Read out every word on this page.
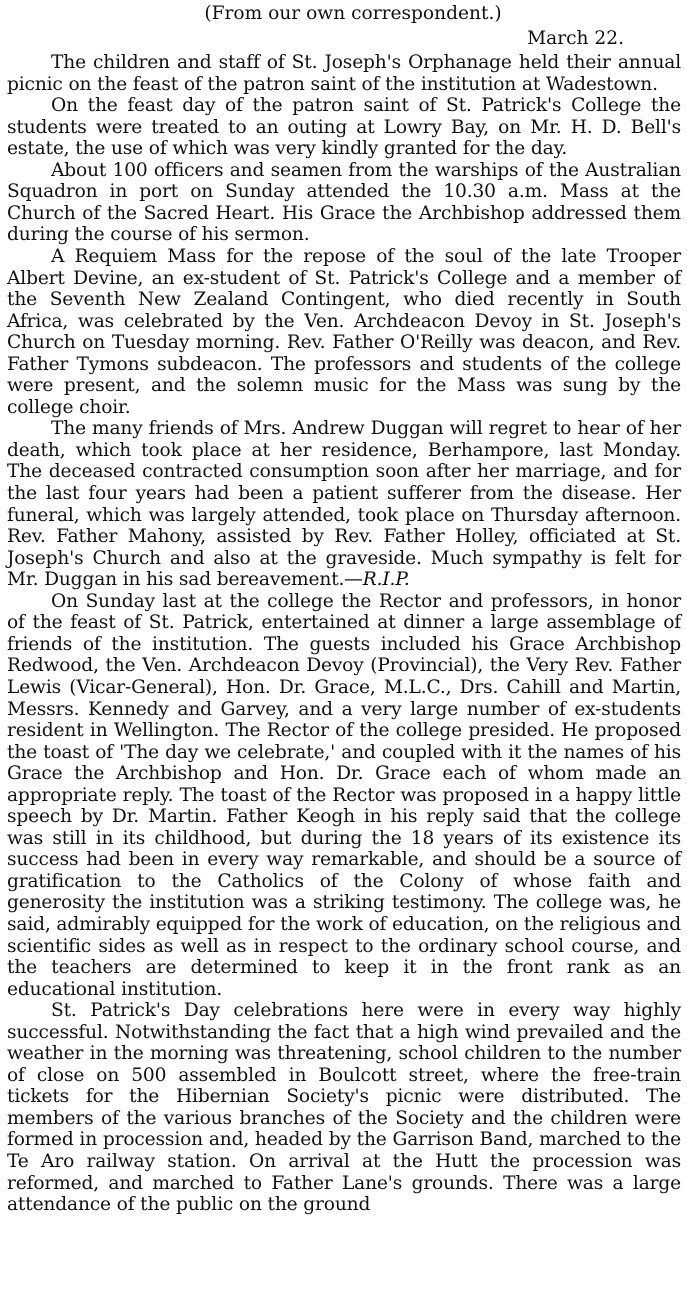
(From our own correspondent.)

March 22.

The children and staff of St. Joseph's Orphanage held their annual picnic on the feast of the patron saint of the institution at Wadestown.

On the feast day of the patron saint of St. Patrick's College the students were treated to an outing at Lowry Bay, on Mr. H. D. Bell's estate, the use of which was very kindly granted for the day.

About 100 officers and seamen from the warships of the Australian Squadron in port on Sunday attended the 10.30 a.m. Mass at the Church of the Sacred Heart. His Grace the Archbishop addressed them during the course of his sermon.

A Requiem Mass for the repose of the soul of the late Trooper Albert Devine, an ex-student of St. Patrick's College and a member of the Seventh New Zealand Contingent, who died recently in South Africa, was celebrated by the Ven. Archdeacon Devoy in St. Joseph's Church on Tuesday morning. Rev. Father O'Reilly was deacon, and Rev. Father Tymons subdeacon. The professors and students of the college were present, and the solemn music for the Mass was sung by the college choir.

The many friends of Mrs. Andrew Duggan will regret to hear of her death, which took place at her residence, Berhampore, last Monday. The deceased contracted consumption soon after her marriage, and for the last four years had been a patient sufferer from the disease. Her funeral, which was largely attended, took place on Thursday afternoon. Rev. Father Mahony, assisted by Rev. Father Holley, officiated at St. Joseph's Church and also at the graveside. Much sympathy is felt for Mr. Duggan in his sad bereavement.—R.I.P.

On Sunday last at the college the Rector and professors, in honor of the feast of St. Patrick, entertained at dinner a large assemblage of friends of the institution. The guests included his Grace Archbishop Redwood, the Ven. Archdeacon Devoy (Provincial), the Very Rev. Father Lewis (Vicar-General), Hon. Dr. Grace, M.L.C., Drs. Cahill and Martin, Messrs. Kennedy and Garvey, and a very large number of ex-students resident in Wellington. The Rector of the college presided. He proposed the toast of 'The day we celebrate,' and coupled with it the names of his Grace the Archbishop and Hon. Dr. Grace each of whom made an appropriate reply. The toast of the Rector was proposed in a happy little speech by Dr. Martin. Father Keogh in his reply said that the college was still in its childhood, but during the 18 years of its existence its success had been in every way remarkable, and should be a source of gratification to the Catholics of the Colony of whose faith and generosity the institution was a striking testimony. The college was, he said, admirably equipped for the work of education, on the religious and scientific sides as well as in respect to the ordinary school course, and the teachers are determined to keep it in the front rank as an educational institution.

St. Patrick's Day celebrations here were in every way highly successful. Notwithstanding the fact that a high wind prevailed and the weather in the morning was threatening, school children to the number of close on 500 assembled in Boulcott street, where the free-train tickets for the Hibernian Society's picnic were distributed. The members of the various branches of the Society and the children were formed in procession and, headed by the Garrison Band, marched to the Te Aro railway station. On arrival at the Hutt the procession was reformed, and marched to Father Lane's grounds. There was a large attendance of the public on the ground
